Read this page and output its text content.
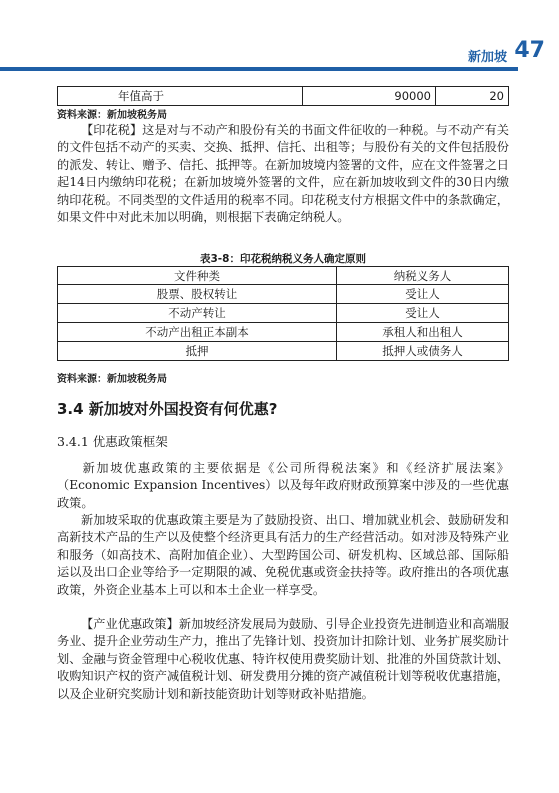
47
新加坡
年值高于	90000	20
资料来源：新加坡税务局

【印花税】这是对与不动产和股份有关的书面文件征收的一种税。与不动产有关的文件包括不动产的买卖、交换、抵押、信托、出租等；与股份有关的文件包括股份的派发、转让、赠予、信托、抵押等。在新加坡境内签署的文件，应在文件签署之日起14日内缴纳印花税；在新加坡境外签署的文件，应在新加坡收到文件的30日内缴纳印花税。不同类型的文件适用的税率不同。印花税支付方根据文件中的条款确定，如果文件中对此未加以明确，则根据下表确定纳税人。

表3-8：印花税纳税义务人确定原则
文件种类	纳税义务人
股票、股权转让	受让人
不动产转让	受让人
不动产出租正本副本	承租人和出租人
抵押	抵押人或债务人
资料来源：新加坡税务局
3.4 新加坡对外国投资有何优惠?
3.4.1 优惠政策框架

新加坡优惠政策的主要依据是《公司所得税法案》和《经济扩展法案》（Economic Expansion Incentives）以及每年政府财政预算案中涉及的一些优惠政策。

新加坡采取的优惠政策主要是为了鼓励投资、出口、增加就业机会、鼓励研发和高新技术产品的生产以及使整个经济更具有活力的生产经营活动。如对涉及特殊产业和服务（如高技术、高附加值企业）、大型跨国公司、研发机构、区域总部、国际船运以及出口企业等给予一定期限的减、免税优惠或资金扶持等。政府推出的各项优惠政策，外资企业基本上可以和本土企业一样享受。

【产业优惠政策】新加坡经济发展局为鼓励、引导企业投资先进制造业和高端服务业、提升企业劳动生产力，推出了先锋计划、投资加计扣除计划、业务扩展奖励计划、金融与资金管理中心税收优惠、特许权使用费奖励计划、批准的外国贷款计划、收购知识产权的资产减值税计划、研发费用分摊的资产减值税计划等税收优惠措施，以及企业研究奖励计划和新技能资助计划等财政补贴措施。
